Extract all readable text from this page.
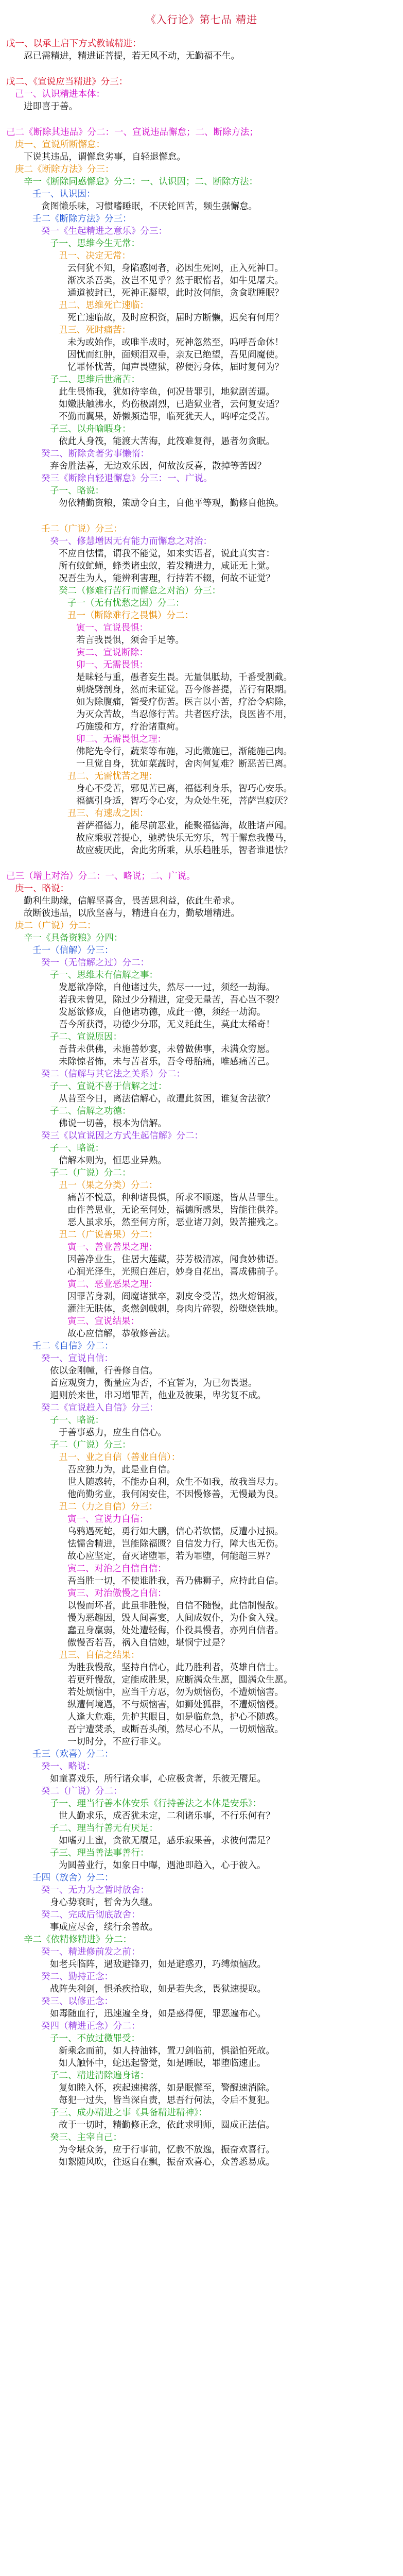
《入行论》第七品 精进
戊一、以承上启下方式教诫精进：
忍已需精进，精进证菩提，若无风不动，无勤福不生。
戊二、《宣说应当精进》分三：
己一、认识精进本体：
进即喜于善。
己二《断除其违品》分二：一、宣说违品懈怠；二、断除方法；
庚一、宣说所断懈怠：
下说其违品，谓懈怠劣事，自轻退懈怠。
庚二《断除方法》分三：
辛一《断除同惑懈怠》分二：一、认识因；二、断除方法：
壬一、认识因：
贪图懒乐味，习惯嗜睡眠，不厌轮回苦，频生强懈怠。
壬二《断除方法》分三：
癸一《生起精进之意乐》分三：
子一、思维今生无常：
丑一、决定无常：
云何犹不知，身陷惑网者，必因生死网，正入死神口。
渐次杀吾类，汝岂不见乎？然于眠惰者，如牛见屠夫。
通道被封已，死神正凝望，此时汝何能，贪食耽睡眠？
丑二、思维死亡速临：
死亡速临故，及时应积资，届时方断懒，迟矣有何用？
丑三、死时痛苦：
未为或始作，或唯半成时，死神忽然至，呜呼吾命休！
因忧而红肿，面颊泪双垂，亲友已绝望，吾见阎魔使。
忆罪怀忧苦，闻声畏堕狱，秽便污身体，届时复何为？
子二、思维后世痛苦：
此生畏怖我，犹如待宰鱼，何况昔罪引，地狱剧苦逼。
如嫩肤触沸水，灼伤极剧烈，已造狱业者，云何复安适？
不勤而冀果，娇懒频造罪，临死犹天人，呜呼定受苦。
子三、以舟喻暇身：
依此人身筏，能渡大苦海，此筏难复得，愚者勿贪眠。
癸二、断除贪著劣事懒惰：
弃舍胜法喜，无边欢乐因，何故汝反喜，散掉等苦因？
癸三《断除自轻退懈怠》分三：一、广说。
子一、略说：
勿依精勤资粮，策励令自主，自他平等观，勤修自他换。
壬二（广说）分三：
癸一、修慧增因无有能力而懈怠之对治：
不应自怯懦，谓我不能觉，如来实语者，说此真实言：
所有蚊虻蝇，蜂类诸虫蚁，若发精进力，咸证无上觉。
况吾生为人，能辨利害理，行持若不辍，何故不证觉？
癸二（修难行苦行而懈怠之对治）分三：
子一（无有忧愁之因）分二：
丑一（断除难行之畏惧）分二：
寅一、宣说畏惧：
若言我畏惧，须舍手足等。
寅二、宣说断除：
卯一、无需畏惧：
是昧轻与重，愚者妄生畏。无量俱胝劫，千番受割截。
刺烧劈剖身，然而未证觉。吾今修菩提，苦行有限期。
如为除腹痛，暂受疗伤苦。医言以小苦，疗治令病除，
为灭众苦故，当忍修行苦。共者医疗法，良医皆不用，
巧施缓和方，疗治诸重疴。
卯二、无需畏惧之理：
佛陀先令行，蔬菜等布施，习此微施已，渐能施己肉。
一旦觉自身，犹如菜蔬时，舍肉何复难？断恶苦已离。
丑二、无需忧苦之理：
身心不受苦，邪见苦已离，福德利身乐，智巧心安乐。
福德引身适，智巧令心安，为众处生死，菩萨岂疲厌？
丑三、有速成之因：
菩萨福德力，能尽前恶业，能聚福德海，故胜诸声闻。
故应乘驭菩提心，驰骋快乐无穷乐，驾于懈怠我慢马，
故应疲厌此，舍此劣所乘，从乐趋胜乐，智者谁退怯？
己三（增上对治）分二：一、略说；二、广说。
庚一、略说：
勤利生助缘，信解坚喜舍，畏苦思利益，依此生希求。
故断彼违品，以欣坚喜与，精进自在力，勤敏增精进。
庚二（广说）分二：
辛一《具备资粮》分四：
壬一（信解）分三：
癸一（无信解之过）分二：
子一、思维未有信解之事：
发愿欲净除，自他诸过失，然尽一一过，须经一劫海。
若我未曾见，除过少分精进，定受无量苦，吾心岂不裂？
发愿欲修成，自他诸功德，成此一德，须经一劫海。
吾今所获得，功德少分耶，无义耗此生，莫此太稀奇！
子二、宣说原因：
吾昔未供佛，未施善妙宴，未曾做佛事，未满众穷愿。
未除惊者怖，未与苦者乐，吾令母胎痛，唯感痛苦己。
癸二（信解与其它法之关系）分二：
子一、宣说不喜于信解之过：
从昔至今日，离法信解心，故遭此贫困，谁复舍法欲？
子二、信解之功德：
佛说一切善，根本为信解。
癸三《以宣说因之方式生起信解》分二：
子一、略说：
信解本则为，恒思业异熟。
子二（广说）分二：
丑一（果之分类）分二：
痛苦不悦意，种种诸畏惧，所求不顺遂，皆从昔罪生。
由作善思业，无论至何处，福德所感果，皆能往供养。
恶人虽求乐，然至何方所，恶业诸刀剑，毁苦摧残之。
丑二（广说善果）分二：
寅一、善业善果之理：
因善净业生，住居大莲藏，芬芳极清凉，闻食妙佛语。
心润光泽生，光照白莲启，妙身自花出，喜成佛前子。
寅二、恶业恶果之理：
因罪苦身剥，阎魔诸狱卒，剥皮令受苦，热火熔铜液，
灌注无肤体，炙燃剑戟刺，身肉片碎裂，纷堕烧铁地。
寅三、宣说结果：
故心应信解，恭敬修善法。
壬二《自信》分二：
癸一、宣说自信：
依以金刚幢，行善修自信。
首应观资力，衡量应为否，不宜暂为，为已勿畏退。
退则於来世，串习增罪苦，他业及彼果，卑劣复不成。
癸二《宣说趋入自信》分三：
子一、略说：
于善事惑力，应生自信心。
子二（广说）分三：
丑一、业之自信（善业自信）：
吾应独力为，此是业自信。
世人随惑转，不能办自利，众生不如我，故我当尽力。
他尚勤劣业，我何闲安住，不因慢修善，无慢最为良。
丑二（力之自信）分三：
寅一、宣说力自信：
乌鸦遇死蛇，勇行如大鹏，信心若软懦，反遭小过损。
怯懦舍精进，岂能除福匮？自信发力行，障大也无伤。
故心应坚定，奋灭诸堕罪，若为罪堕，何能超三界？
寅二、对治之自信自信：
吾当胜一切，不使谁胜我，吾乃佛狮子，应持此自信。
寅三、对治傲慢之自信：
以慢而坏者，此虽非胜慢，自信不随慢，此信制慢敌。
慢为恶趣因，毁人间喜宴，人间成奴仆，为仆食入残。
蠢丑身羸弱，处处遭轻侮，仆役具慢者，亦列自信者。
傲慢否若吾，祸入自信她，堪悯宁过是？
丑三、自信之结果：
为胜我慢敌，坚持自信心，此乃胜利者，英雄自信士。
若更歼慢敌，定能成胜果，应断满众生愿，圆满众生愿。
若处烦恼中，应当千方忍，勿为烦恼伤，不遭烦恼害。
纵遭何境遇，不与烦恼害，如狮处狐群，不遭烦恼侵。
人逢大危难，先护其眼目，如是临危急，护心不随惑。
吾宁遭焚杀，或断吾头颅，然尽心不从，一切烦恼敌。
一切时分，不应行非义。
壬三（欢喜）分二：
癸一、略说：
如童喜戏乐，所行诸众事，心应极贪著，乐彼无餍足。
癸二（广说）分二：
子一、理当行善本体安乐《行持善法之本体是安乐》：
世人勤求乐，成否犹未定，二利诸乐事，不行乐何有？
子二、理当行善无有厌足：
如嗜刃上蜜，贪欲无餍足，感乐寂果善，求彼何需足？
子三、理当善法事善行：
为圆善业行，如象日中曝，遇池即趋入，心于彼入。
壬四（放舍）分二：
癸一、无力为之暂时放舍：
身心势衰时，暂舍为久继。
癸二、完成后彻底放舍：
事成应尽舍，续行余善故。
辛二《依精修精进》分二：
癸一、精进修前发之前：
如老兵临阵，遇敌避锋刃，如是避惑刃，巧缚烦恼敌。
癸二、勤持正念：
战阵失利剑，惧杀疾拾取，如是若失念，畏狱速提取。
癸三、以修正念：
如毒随血行，迅速遍全身，如是惑得便，罪恶遍布心。
癸四（精进正念）分二：
子一、不放过微罪受：
新乘念而前，如人持油钵，置刀剑临前，惧溢怕死故。
如人触怀中，蛇迅起警觉，如是睡眠，罪堕临速止。
子二、精进清除遍身诸：
复如睦入怀，疾起速拂落，如是眠懈至，警醒速消除。
每犯一过失，皆当深自责，思吾行何法，令后不复犯。
子三、成办精进之事《具备精进精神》：
故于一切时，精勤修正念，依此求明师，圆成正法信。
癸三、主宰自己：
为令堪众务，应于行事前，忆教不放逸，振奋欢喜行。
如絮随风吹，往返自在飘，振奋欢喜心，众善悉易成。
